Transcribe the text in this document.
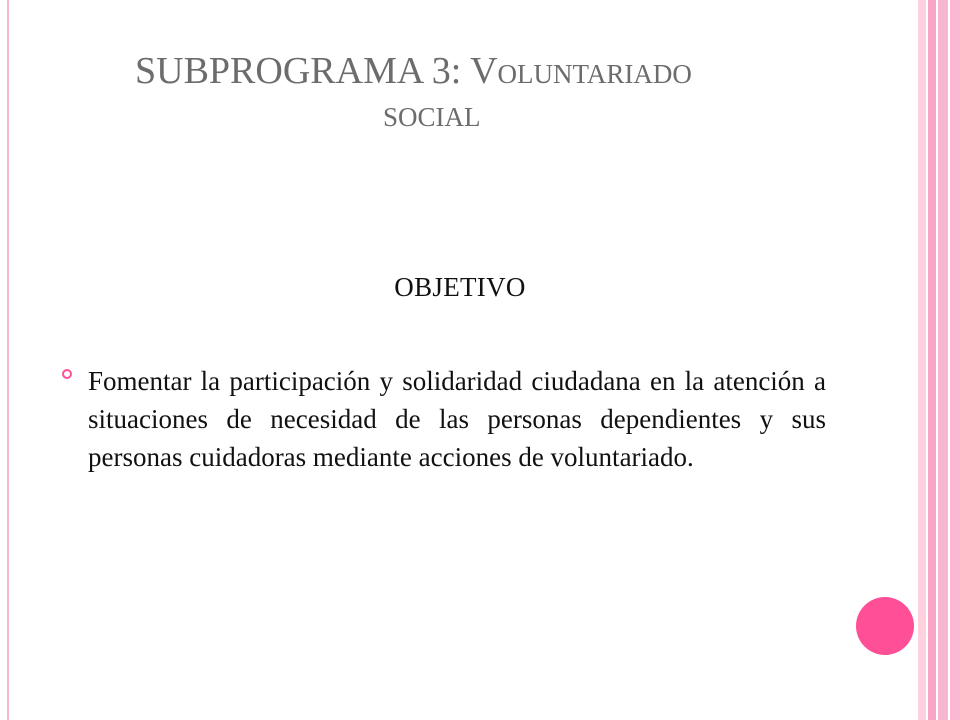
SUBPROGRAMA 3: VOLUNTARIADO
SOCIAL
OBJETIVO
Fomentar la participación y solidaridad ciudadana en la atención a situaciones de necesidad de las personas dependientes y sus personas cuidadoras mediante acciones de voluntariado.
